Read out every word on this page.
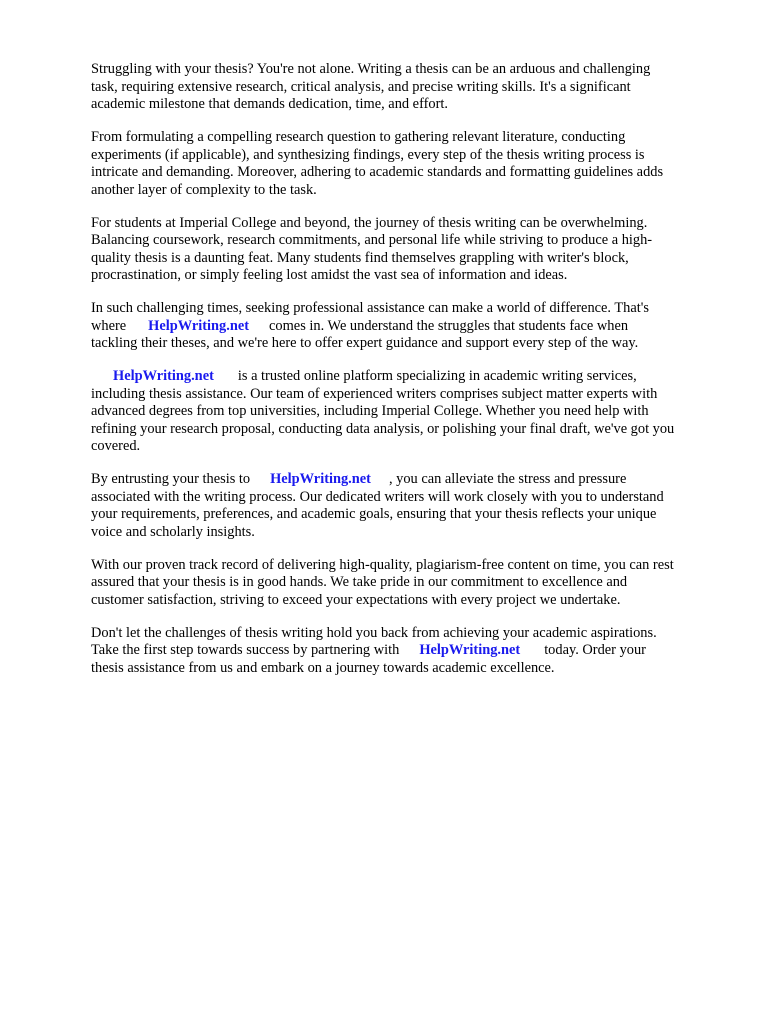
Struggling with your thesis? You're not alone. Writing a thesis can be an arduous and challenging
task, requiring extensive research, critical analysis, and precise writing skills. It's a significant
academic milestone that demands dedication, time, and effort.

From formulating a compelling research question to gathering relevant literature, conducting
experiments (if applicable), and synthesizing findings, every step of the thesis writing process is
intricate and demanding. Moreover, adhering to academic standards and formatting guidelines adds
another layer of complexity to the task.

For students at Imperial College and beyond, the journey of thesis writing can be overwhelming.
Balancing coursework, research commitments, and personal life while striving to produce a high-
quality thesis is a daunting feat. Many students find themselves grappling with writer's block,
procrastination, or simply feeling lost amidst the vast sea of information and ideas.

In such challenging times, seeking professional assistance can make a world of difference. That's
where HelpWriting.net comes in. We understand the struggles that students face when
tackling their theses, and we're here to offer expert guidance and support every step of the way.

HelpWriting.net is a trusted online platform specializing in academic writing services,
including thesis assistance. Our team of experienced writers comprises subject matter experts with
advanced degrees from top universities, including Imperial College. Whether you need help with
refining your research proposal, conducting data analysis, or polishing your final draft, we've got you
covered.

By entrusting your thesis to HelpWriting.net , you can alleviate the stress and pressure
associated with the writing process. Our dedicated writers will work closely with you to understand
your requirements, preferences, and academic goals, ensuring that your thesis reflects your unique
voice and scholarly insights.

With our proven track record of delivering high-quality, plagiarism-free content on time, you can rest
assured that your thesis is in good hands. We take pride in our commitment to excellence and
customer satisfaction, striving to exceed your expectations with every project we undertake.

Don't let the challenges of thesis writing hold you back from achieving your academic aspirations.
Take the first step towards success by partnering with HelpWriting.net today. Order your
thesis assistance from us and embark on a journey towards academic excellence.
